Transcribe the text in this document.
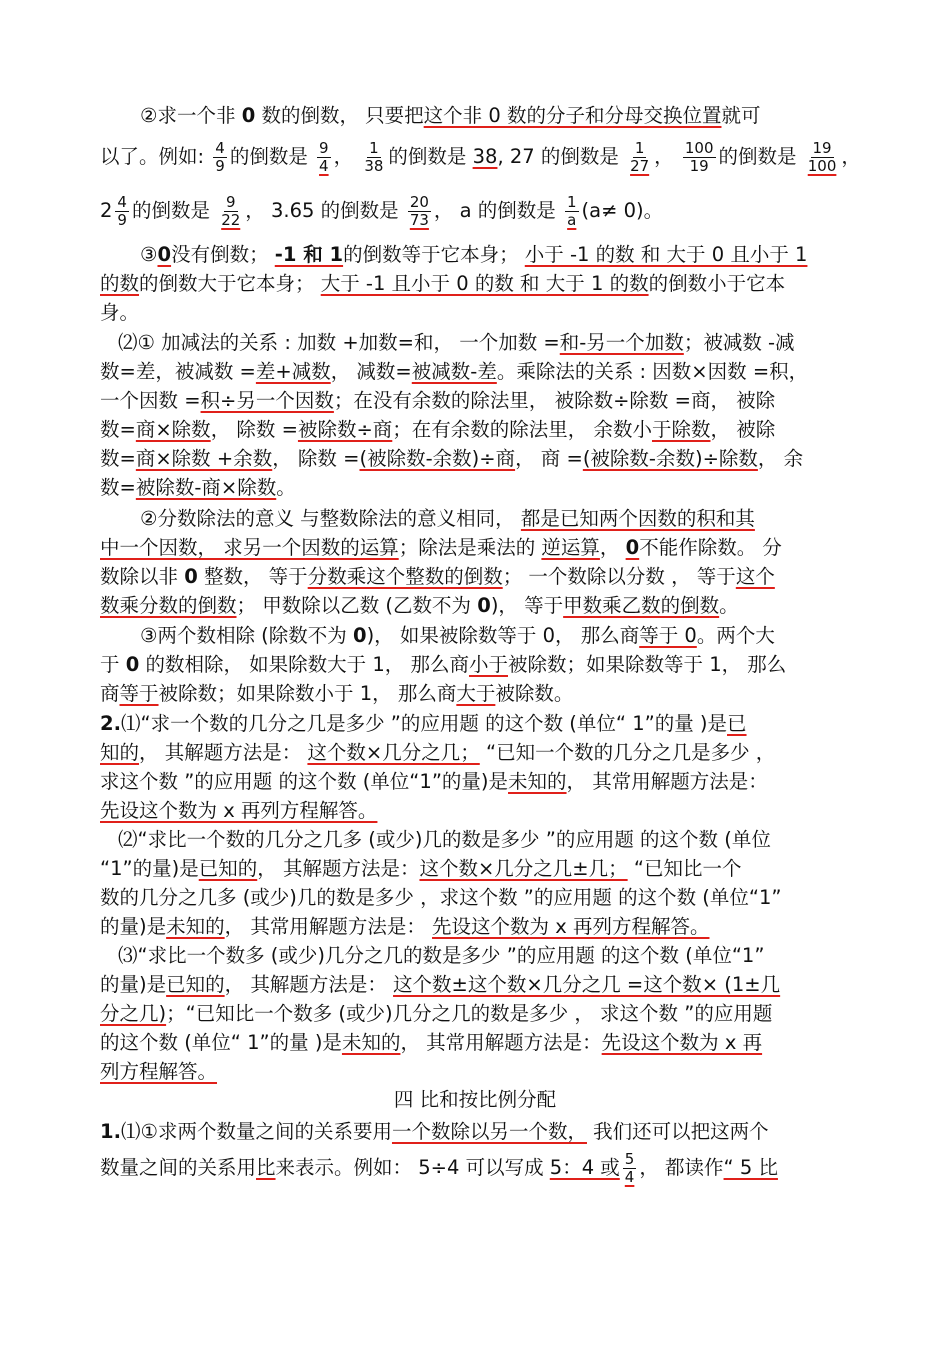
②求一个非 0 数的倒数， 只要把这个非 0 数的分子和分母交换位置就可
以了。例如: $\frac{4}{9}$ 的倒数是 $\frac{9}{4}$ ， $\frac{1}{38}$ 的倒数是 38, 27 的倒数是 $\frac{1}{27}$ ， $\frac{100}{19}$ 的倒数是 $\frac{19}{100}$ ，
$2 \frac{4}{9}$ 的倒数是 $\frac{9}{22}$ ， 3.65 的倒数是 $\frac{20}{73}$ ， a 的倒数是 $\frac{1}{a} (a\ne 0)$。
③0没有倒数； -1 和 1的倒数等于它本身； 小于 -1 的数 和 大于 0 且小于 1
的数的倒数大于它本身； 大于 -1 且小于 0 的数 和 大于 1 的数的倒数小于它本
身。
⑵① 加减法的关系 : 加数 +加数=和， 一个加数 =和-另一个加数；被减数 -减
数=差，被减数 =差+减数， 减数=被减数-差。乘除法的关系 : 因数×因数 =积，
一个因数 =积÷另一个因数；在没有余数的除法里， 被除数÷除数 =商， 被除
数=商×除数， 除数 =被除数÷商；在有余数的除法里， 余数小于除数， 被除
数=商×除数 +余数， 除数 =(被除数-余数)÷商， 商 =(被除数-余数)÷除数， 余
数=被除数-商×除数。
②分数除法的意义 与整数除法的意义相同， 都是已知两个因数的积和其
中一个因数， 求另一个因数的运算；除法是乘法的 逆运算， 0不能作除数。 分
数除以非 0 整数， 等于分数乘这个整数的倒数； 一个数除以分数 ， 等于这个
数乘分数的倒数； 甲数除以乙数 (乙数不为 0)， 等于甲数乘乙数的倒数。
③两个数相除 (除数不为 0)， 如果被除数等于 0， 那么商等于 0。两个大
于 0 的数相除， 如果除数大于 1， 那么商小于被除数；如果除数等于 1， 那么
商等于被除数；如果除数小于 1， 那么商大于被除数。
2.⑴“求一个数的几分之几是多少 ”的应用题 的这个数 (单位“ 1”的量 )是已
知的， 其解题方法是： 这个数×几分之几； “已知一个数的几分之几是多少 ，
求这个数 ”的应用题 的这个数 (单位“1”的量)是未知的， 其常用解题方法是：
先设这个数为 x 再列方程解答。
⑵“求比一个数的几分之几多 (或少)几的数是多少 ”的应用题 的这个数 (单位
“1”的量)是已知的， 其解题方法是：这个数×几分之几±几； “已知比一个
数的几分之几多 (或少)几的数是多少 ，求这个数 ”的应用题 的这个数 (单位“1”
的量)是未知的， 其常用解题方法是： 先设这个数为 x 再列方程解答。
⑶“求比一个数多 (或少)几分之几的数是多少 ”的应用题 的这个数 (单位“1”
的量)是已知的， 其解题方法是： 这个数±这个数×几分之几 =这个数× (1±几
分之几)；“已知比一个数多 (或少)几分之几的数是多少 ， 求这个数 ”的应用题
的这个数 (单位“ 1”的量 )是未知的， 其常用解题方法是：先设这个数为 x 再
列方程解答。
四 比和按比例分配
1.⑴①求两个数量之间的关系要用一个数除以另一个数， 我们还可以把这两个
数量之间的关系用比来表示。例如： 5÷4 可以写成 5：4 或 $\frac{5}{4}$ ， 都读作“ 5 比
